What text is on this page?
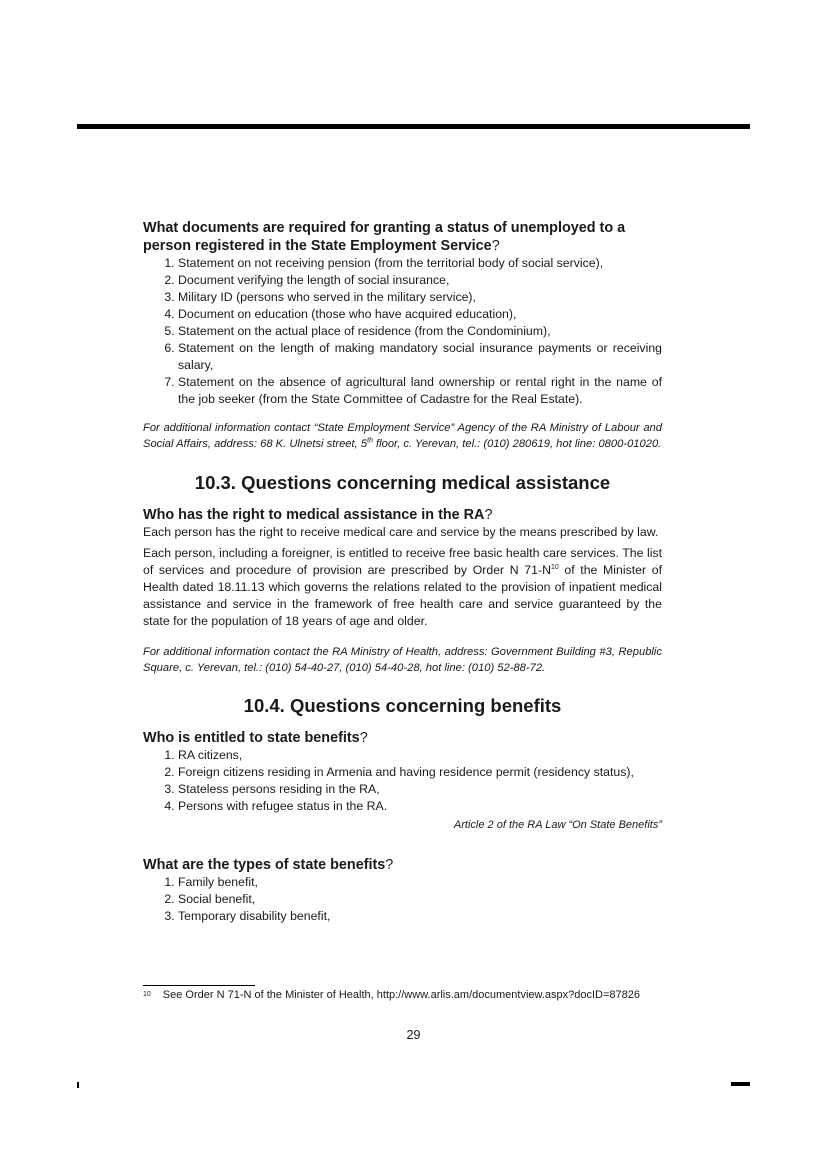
What documents are required for granting a status of unemployed to a person registered in the State Employment Service?
1. Statement on not receiving pension (from the territorial body of social service),
2. Document verifying the length of social insurance,
3. Military ID (persons who served in the military service),
4. Document on education (those who have acquired education),
5. Statement on the actual place of residence (from the Condominium),
6. Statement on the length of making mandatory social insurance payments or receiving salary,
7. Statement on the absence of agricultural land ownership or rental right in the name of the job seeker (from the State Committee of Cadastre for the Real Estate).
For additional information contact “State Employment Service” Agency of the RA Ministry of Labour and Social Affairs, address: 68 K. Ulnetsi street, 5th floor, c. Yerevan, tel.: (010) 280619, hot line: 0800-01020.
10.3. Questions concerning medical assistance
Who has the right to medical assistance in the RA?

Each person has the right to receive medical care and service by the means prescribed by law.

Each person, including a foreigner, is entitled to receive free basic health care services. The list of services and procedure of provision are prescribed by Order N $71-N^{10}$ of the Minister of Health dated 18.11.13 which governs the relations related to the provision of inpatient medical assistance and service in the framework of free health care and service guaranteed by the state for the population of 18 years of age and older.

For additional information contact the RA Ministry of Health, address: Government Building #3, Republic Square, c. Yerevan, tel.: (010) 54-40-27, (010) 54-40-28, hot line: (010) 52-88-72.
10.4. Questions concerning benefits
Who is entitled to state benefits?
1. RA citizens,
2. Foreign citizens residing in Armenia and having residence permit (residency status),
3. Stateless persons residing in the RA,
4. Persons with refugee status in the RA.
Article 2 of the RA Law “On State Benefits”
What are the types of state benefits?
1. Family benefit,
2. Social benefit,
3. Temporary disability benefit,
$^{10}$ See Order N 71-N of the Minister of Health, http://www.arlis.am/documentview.aspx?docID=87826
29
